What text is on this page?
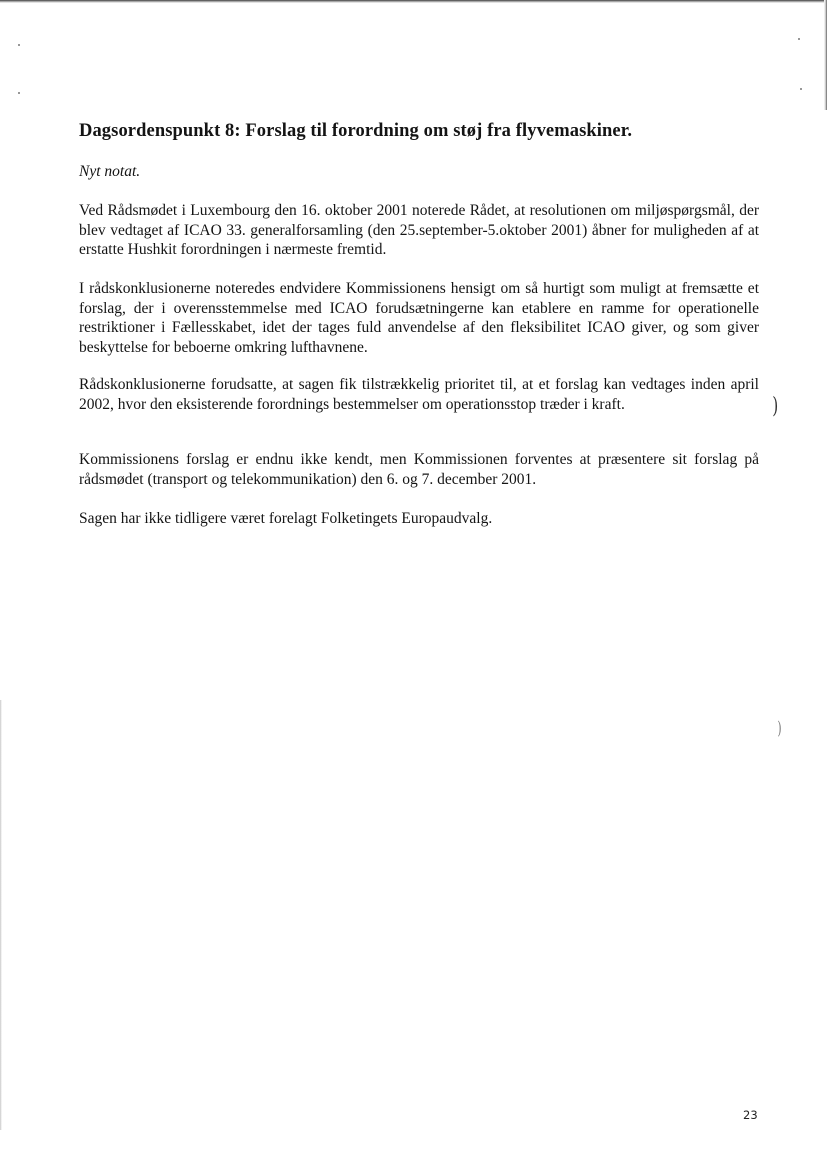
Dagsordenspunkt 8: Forslag til forordning om støj fra flyvemaskiner.

Nyt notat.

Ved Rådsmødet i Luxembourg den 16. oktober 2001 noterede Rådet, at resolutionen om miljøspørgsmål, der blev vedtaget af ICAO 33. generalforsamling (den 25.september-5.oktober 2001) åbner for muligheden af at erstatte Hushkit forordningen i nærmeste fremtid.

I rådskonklusionerne noteredes endvidere Kommissionens hensigt om så hurtigt som muligt at fremsætte et forslag, der i overensstemmelse med ICAO forudsætningerne kan etablere en ramme for operationelle restriktioner i Fællesskabet, idet der tages fuld anvendelse af den fleksibilitet ICAO giver, og som giver beskyttelse for beboerne omkring lufthavnene.

Rådskonklusionerne forudsatte, at sagen fik tilstrækkelig prioritet til, at et forslag kan vedtages inden april 2002, hvor den eksisterende forordnings bestemmelser om operationsstop træder i kraft.

Kommissionens forslag er endnu ikke kendt, men Kommissionen forventes at præsentere sit forslag på rådsmødet (transport og telekommunikation) den 6. og 7. december 2001.

Sagen har ikke tidligere været forelagt Folketingets Europaudvalg.

)
)
23
